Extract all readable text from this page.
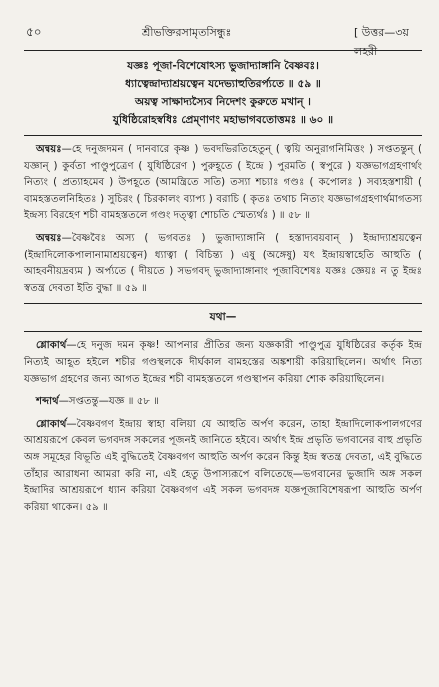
৫০	শ্রীভক্তিরসামৃতসিন্ধুঃ	[ উত্তর—৩য় লহরী
যজ্ঞঃ পূজা-বিশেষোঽস্য ভুজাদ্যাঙ্গানি বৈষ্ণবঃ।
ধ্যাত্বেন্দ্রাদ্যাশ্রয়ত্বেন যদেভ্যাহুতিরর্প্যতে ॥ ৫৯ ॥
অয়ত্ব সাক্ষাদ্যস্যৈব নিদেশং কুরুতে মখান্ ।
যুধিষ্ঠিরোহস্বধিঃ প্রেম্ণাণং মহাভাগবতোত্তমঃ ॥ ৬০ ॥

অন্বয়ঃ—হে দনুজদমন ( দানবারে কৃষ্ণ ) ভবদভিরতিহেতুন্ ( ত্বয়ি অনুরাগনিমিত্তং ) সপ্ততন্তুন্ ( যজ্ঞান্ ) কুর্বতা পাণ্ডুপুত্রেণ ( যুধিষ্ঠিরেণ ) পুরুহূতে ( ইন্দ্রে ) পুরমতি ( স্বপুরে ) যজ্ঞভাগগ্রহণার্থং নিত্যং ( প্রত্যাহমেব ) উপহূতে (আমন্ত্রিতে সতি) তস্যা শচ্যাঃ গণ্ডঃ ( কপোলঃ ) সব্যহস্তশায়ী ( বামহস্ততলনিহিতঃ ) সুচিরং ( চিরকালং ব্যাপ্য ) বরাচি ( কৃতঃ তথাচ নিত্যং যজ্ঞভাগগ্রহণার্থমাগতস্য ইন্দ্রস্য বিরহেণ শচী বামহস্ততলে গণ্ডং দত্ত্বা শোচতি স্মেত্যর্থঃ ) ॥ ৫৮ ॥

অন্বয়ঃ—বৈষ্ণবৈঃ অস্য ( ভগবতঃ ) ভুজাদ্যাঙ্গানি ( হস্তাদ্যবয়বান্ ) ইন্দ্রাদ্যাশ্রয়ত্বেন (ইন্দ্রাদিলোকপালানামাশ্রয়ত্বেন) ধ্যাত্বা ( বিচিন্ত্য ) এষু (অঙ্গেষু) যৎ ইন্দ্রায়স্বাহেতি আহুতি ( আহবনীয়দ্রব্যম ) অর্প্যতে ( দীয়তে ) সভগবদ্ ভুজাদ্যাঙ্গানাং পূজাবিশেষঃ যজ্ঞঃ জ্ঞেয়ঃ ন তু ইন্দ্রঃ স্বতন্ত্র দেবতা ইতি বুদ্ধা ॥ ৫৯ ॥

যথা—

শ্লোকার্থ—হে দনুজ দমন কৃষ্ণ! আপনার প্রীতির জন্য যজ্ঞকারী পাণ্ডুপুত্র যুধিষ্ঠিরের কর্তৃক ইন্দ্র নিত্যই আহূত হইলে শচীর গণ্ডস্থলকে দীর্ঘকাল বামহস্তের অঙ্কশায়ী করিয়াছিলেন। অর্থাৎ নিত্য যজ্ঞভাগ গ্রহণের জন্য আগত ইন্দ্রের শচী বামহস্ততলে গণ্ডস্থাপন করিয়া শোক করিয়াছিলেন।

শব্দার্থ—সপ্ততন্তু—যজ্ঞ ॥ ৫৮ ॥

শ্লোকার্থ—বৈষ্ণবগণ ইন্দ্রায় স্বাহা বলিয়া যে আহুতি অর্পণ করেন, তাহা ইন্দ্রাদিলোকপালগণের আশ্রয়রূপে কেবল ভগবদঙ্গ সকলের পূজনই জানিতে হইবে। অর্থাৎ ইন্দ্র প্রভৃতি ভগবানের বাহু প্রভৃতি অঙ্গ সমূহের বিভূতি এই বুদ্ধিতেই বৈষ্ণবগণ আহুতি অর্পণ করেন কিন্তু ইন্দ্র স্বতন্ত্র দেবতা, এই বুদ্ধিতে তাঁহার আরাধনা আমরা করি না, এই হেতু উপাস্যরূপে বলিতেছে—ভগবানের ভুজাদি অঙ্গ সকল ইন্দ্রাদির আশ্রয়রূপে ধ্যান করিয়া বৈষ্ণবগণ এই সকল ভগবদঙ্গ যজ্ঞপূজাবিশেষরূপা আহুতি অর্পণ করিয়া থাকেন। ৫৯ ॥
